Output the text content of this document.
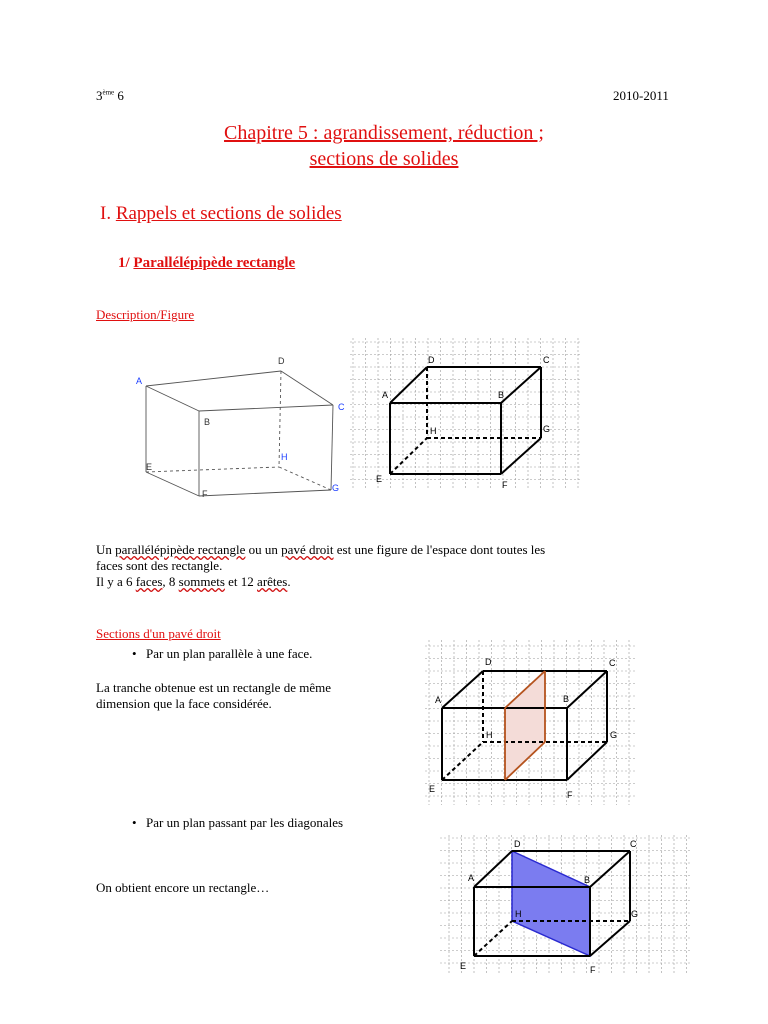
3ème 6	2010-2011
Chapitre 5 : agrandissement, réduction ;
sections de solides
I. Rappels et sections de solides
1/ Parallélépipède rectangle
Description/Figure
A
B
C
D
E
F
G
H
A	B
C
D
E
F
G
H
Un parallélépipède rectangle ou un pavé droit est une figure de l'espace dont toutes les
faces sont des rectangle.
Il y a 6 faces, 8 sommets et 12 arêtes.
Sections d'un pavé droit
• Par un plan parallèle à une face.
La tranche obtenue est un rectangle de même
dimension que la face considérée.	A	B
C
D
E
F
G
H
• Par un plan passant par les diagonales
On obtient encore un rectangle…
A	B
C
D
E	F
G
H
